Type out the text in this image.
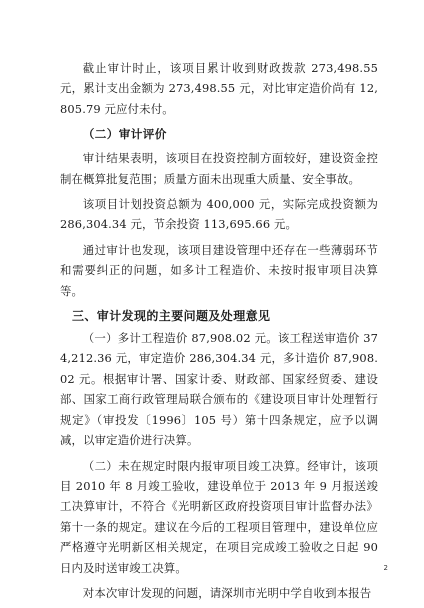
截止审计时止，该项目累计收到财政拨款 273,498.55 元，累计支出金额为 273,498.55 元，对比审定造价尚有 12,805.79 元应付未付。

（二）审计评价

审计结果表明，该项目在投资控制方面较好，建设资金控制在概算批复范围；质量方面未出现重大质量、安全事故。

该项目计划投资总额为 400,000 元，实际完成投资额为 286,304.34 元，节余投资 113,695.66 元。

通过审计也发现，该项目建设管理中还存在一些薄弱环节和需要纠正的问题，如多计工程造价、未按时报审项目决算等。

三、审计发现的主要问题及处理意见

（一）多计工程造价 87,908.02 元。该工程送审造价 374,212.36 元，审定造价 286,304.34 元，多计造价 87,908.02 元。根据审计署、国家计委、财政部、国家经贸委、建设部、国家工商行政管理局联合颁布的《建设项目审计处理暂行规定》（审投发〔1996〕105 号）第十四条规定，应予以调减，以审定造价进行决算。

（二）未在规定时限内报审项目竣工决算。经审计，该项目 2010 年 8 月竣工验收，建设单位于 2013 年 9 月报送竣工决算审计，不符合《光明新区政府投资项目审计监督办法》第十一条的规定。建议在今后的工程项目管理中，建设单位应严格遵守光明新区相关规定，在项目完成竣工验收之日起 90 日内及时送审竣工决算。

对本次审计发现的问题，请深圳市光明中学自收到本报告

2
